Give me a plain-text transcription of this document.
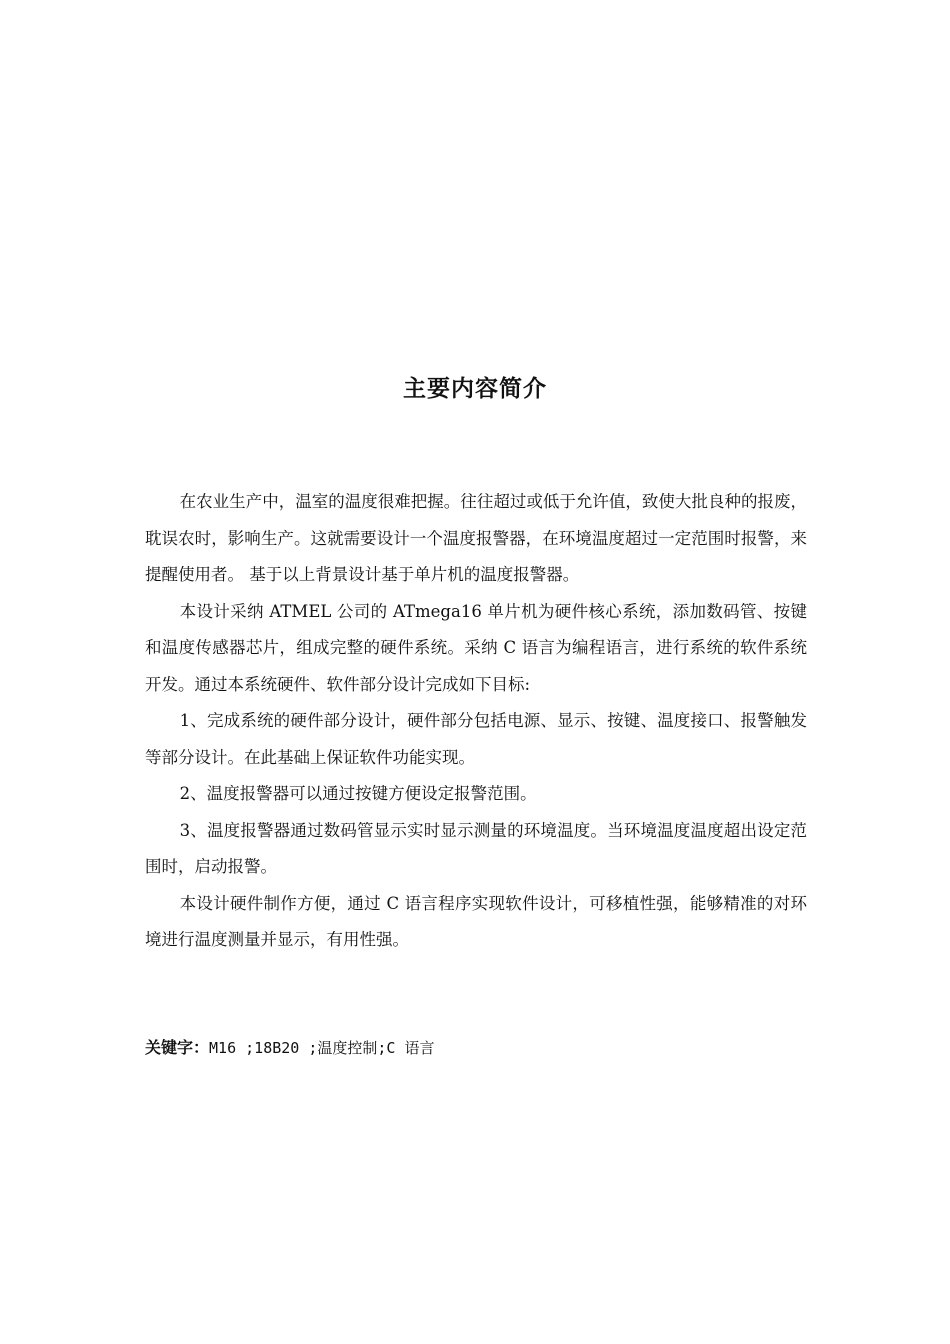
主要内容简介

在农业生产中，温室的温度很难把握。往往超过或低于允许值，致使大批良种的报废，耽误农时，影响生产。这就需要设计一个温度报警器，在环境温度超过一定范围时报警，来提醒使用者。 基于以上背景设计基于单片机的温度报警器。

本设计采纳 ATMEL 公司的 ATmega16 单片机为硬件核心系统，添加数码管、按键和温度传感器芯片，组成完整的硬件系统。采纳 C 语言为编程语言，进行系统的软件系统开发。通过本系统硬件、软件部分设计完成如下目标:

1、完成系统的硬件部分设计，硬件部分包括电源、显示、按键、温度接口、报警触发等部分设计。在此基础上保证软件功能实现。

2、温度报警器可以通过按键方便设定报警范围。

3、温度报警器通过数码管显示实时显示测量的环境温度。当环境温度温度超出设定范围时，启动报警。

本设计硬件制作方便，通过 C 语言程序实现软件设计，可移植性强，能够精准的对环境进行温度测量并显示，有用性强。

关键字：M16 ;18B20 ;温度控制;C 语言
